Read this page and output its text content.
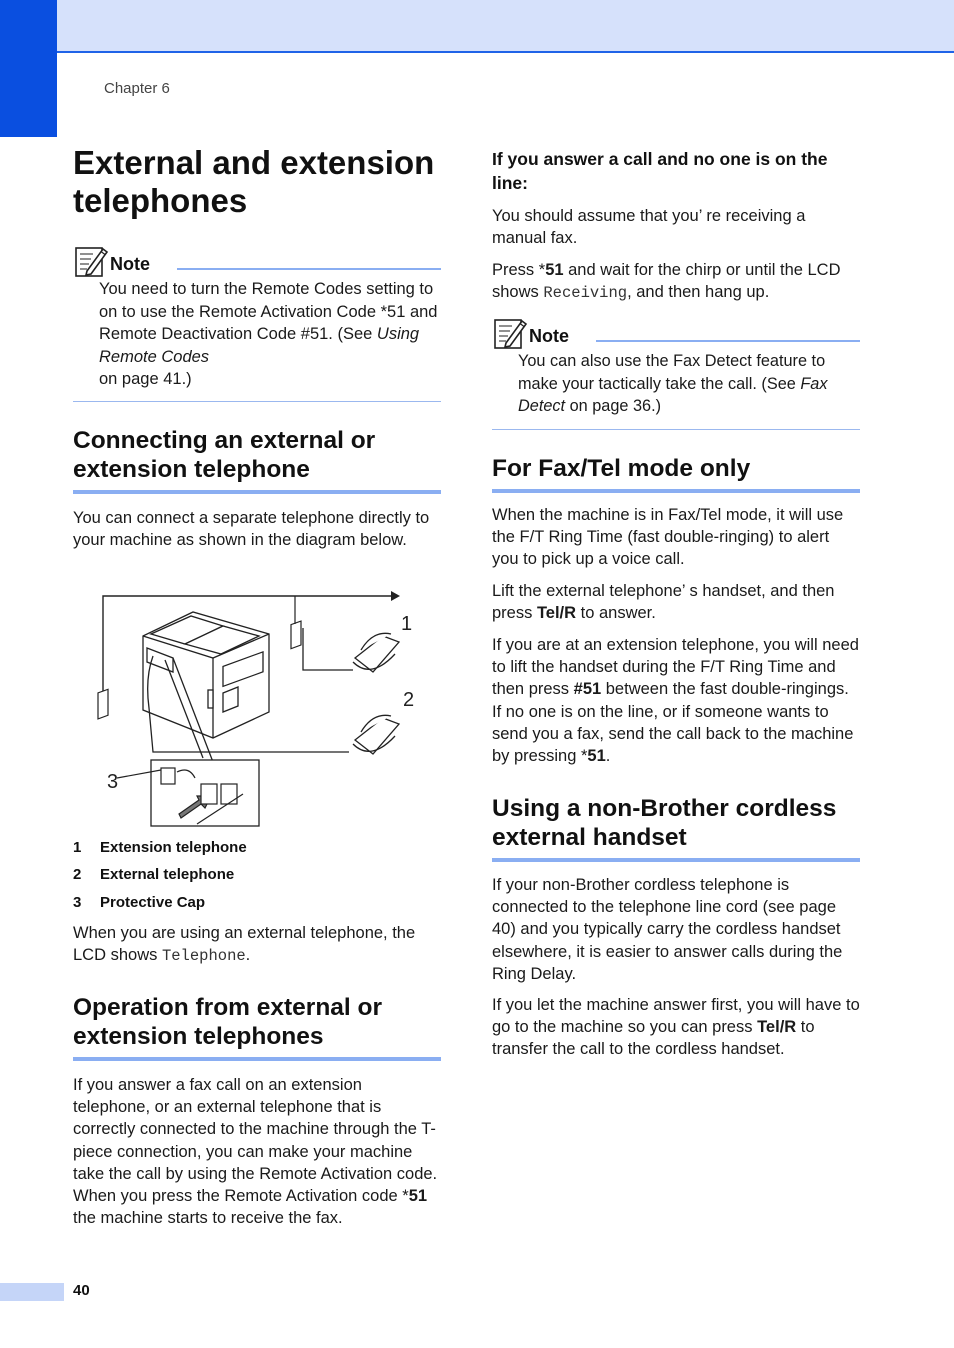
Chapter 6
External and extension telephones
Note

You need to turn the Remote Codes setting to on to use the Remote Activation Code *51 and Remote Deactivation Code #51. (See Using Remote Codes
on page 41.)

Connecting an external or extension telephone

You can connect a separate telephone directly to your machine as shown in the diagram below.

1
2
3

1 Extension telephone

2 External telephone

3 Protective Cap

When you are using an external telephone, the LCD shows Telephone.

Operation from external or extension telephones

If you answer a fax call on an extension telephone, or an external telephone that is correctly connected to the machine through the T-piece connection, you can make your machine take the call by using the Remote Activation code. When you press the Remote Activation code *51 the machine starts to receive the fax.

If you answer a call and no one is on the line:

You should assume that you’ re receiving a manual fax.

Press *51 and wait for the chirp or until the LCD shows Receiving, and then hang up.

Note

You can also use the Fax Detect feature to make your tactically take the call. (See Fax Detect on page 36.)

For Fax/Tel mode only

When the machine is in Fax/Tel mode, it will use the F/T Ring Time (fast double-ringing) to alert you to pick up a voice call.

Lift the external telephone’ s handset, and then press Tel/R to answer.

If you are at an extension telephone, you will need to lift the handset during the F/T Ring Time and then press #51 between the fast double-ringings. If no one is on the line, or if someone wants to send you a fax, send the call back to the machine by pressing *51.

Using a non-Brother cordless external handset

If your non-Brother cordless telephone is connected to the telephone line cord (see page 40) and you typically carry the cordless handset elsewhere, it is easier to answer calls during the Ring Delay.

If you let the machine answer first, you will have to go to the machine so you can press Tel/R to transfer the call to the cordless handset.

40
